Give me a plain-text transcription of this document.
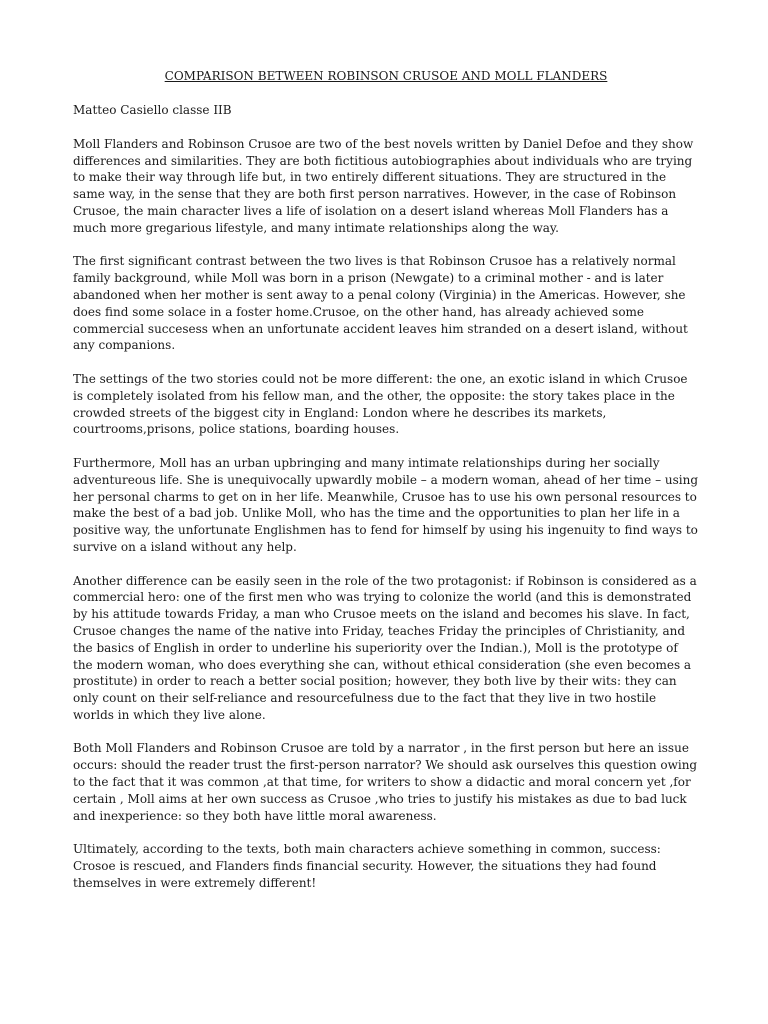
COMPARISON BETWEEN ROBINSON CRUSOE AND MOLL FLANDERS
Matteo Casiello classe IIB

Moll Flanders and Robinson Crusoe are two of the best novels written by Daniel Defoe and they show differences and similarities. They are both fictitious autobiographies about individuals who are trying to make their way through life but, in two entirely different situations. They are structured in the same way, in the sense that they are both first person narratives. However, in the case of Robinson Crusoe, the main character lives a life of isolation on a desert island whereas Moll Flanders has a much more gregarious lifestyle, and many intimate relationships along the way.

The first significant contrast between the two lives is that Robinson Crusoe has a relatively normal family background, while Moll was born in a prison (Newgate) to a criminal mother - and is later abandoned when her mother is sent away to a penal colony (Virginia) in the Americas. However, she does find some solace in a foster home.Crusoe, on the other hand, has already achieved some commercial succesess when an unfortunate accident leaves him stranded on a desert island, without any companions.

The settings of the two stories could not be more different: the one, an exotic island in which Crusoe is completely isolated from his fellow man, and the other, the opposite: the story takes place in the crowded streets of the biggest city in England: London where he describes its markets, courtrooms,prisons, police stations, boarding houses.

Furthermore, Moll has an urban upbringing and many intimate relationships during her socially adventureous life. She is unequivocally upwardly mobile – a modern woman, ahead of her time – using her personal charms to get on in her life. Meanwhile, Crusoe has to use his own personal resources to make the best of a bad job. Unlike Moll, who has the time and the opportunities to plan her life in a positive way, the unfortunate Englishmen has to fend for himself by using his ingenuity to find ways to survive on a island without any help.

Another difference can be easily seen in the role of the two protagonist: if Robinson is considered as a commercial hero: one of the first men who was trying to colonize the world (and this is demonstrated by his attitude towards Friday, a man who Crusoe meets on the island and becomes his slave. In fact, Crusoe changes the name of the native into Friday, teaches Friday the principles of Christianity, and the basics of English in order to underline his superiority over the Indian.), Moll is the prototype of the modern woman, who does everything she can, without ethical consideration (she even becomes a prostitute) in order to reach a better social position; however, they both live by their wits: they can only count on their self-reliance and resourcefulness due to the fact that they live in two hostile worlds in which they live alone.

Both Moll Flanders and Robinson Crusoe are told by a narrator , in the first person but here an issue occurs: should the reader trust the first-person narrator? We should ask ourselves this question owing to the fact that it was common ,at that time, for writers to show a didactic and moral concern yet ,for certain , Moll aims at her own success as Crusoe ,who tries to justify his mistakes as due to bad luck and inexperience: so they both have little moral awareness.

Ultimately, according to the texts, both main characters achieve something in common, success: Crosoe is rescued, and Flanders finds financial security. However, the situations they had found themselves in were extremely different!
